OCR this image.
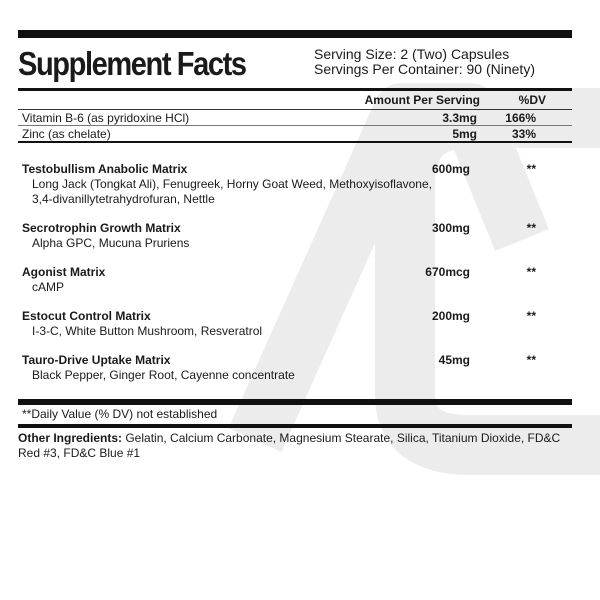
Supplement Facts	Serving Size: 2 (Two) Capsules
Servings Per Container: 90 (Ninety)
Amount Per Serving	%DV
Vitamin B-6 (as pyridoxine HCl)	3.3mg 166%
Zinc (as chelate)	5mg	33%
Testobullism Anabolic Matrix	600mg	**
Long Jack (Tongkat Ali), Fenugreek, Horny Goat Weed, Methoxyisoflavone, 3,4-divanillytetrahydrofuran, Nettle
Secrotrophin Growth Matrix	300mg	**
Alpha GPC, Mucuna Pruriens
Agonist Matrix	670mcg	**
cAMP
Estocut Control Matrix	200mg	**
I-3-C, White Button Mushroom, Resveratrol
Tauro-Drive Uptake Matrix	45mg	**
Black Pepper, Ginger Root, Cayenne concentrate
**Daily Value (% DV) not established
Other Ingredients: Gelatin, Calcium Carbonate, Magnesium Stearate, Silica, Titanium Dioxide, FD&C Red #3, FD&C Blue #1
